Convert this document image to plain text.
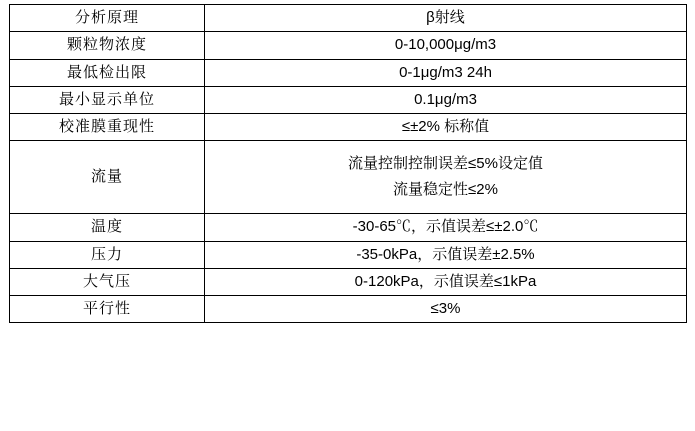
分析原理	β射线

颗粒物浓度	0-10,000μg/m3

最低检出限	0-1μg/m3 24h

最小显示单位	0.1μg/m3

校准膜重现性	≤±2% 标称值

流量	流量控制控制误差≤5%设定值
流量稳定性≤2%

温度	-30-65℃，示值误差≤±2.0℃

压力	-35-0kPa，示值误差±2.5%

大气压	0-120kPa，示值误差≤1kPa

平行性	≤3%
